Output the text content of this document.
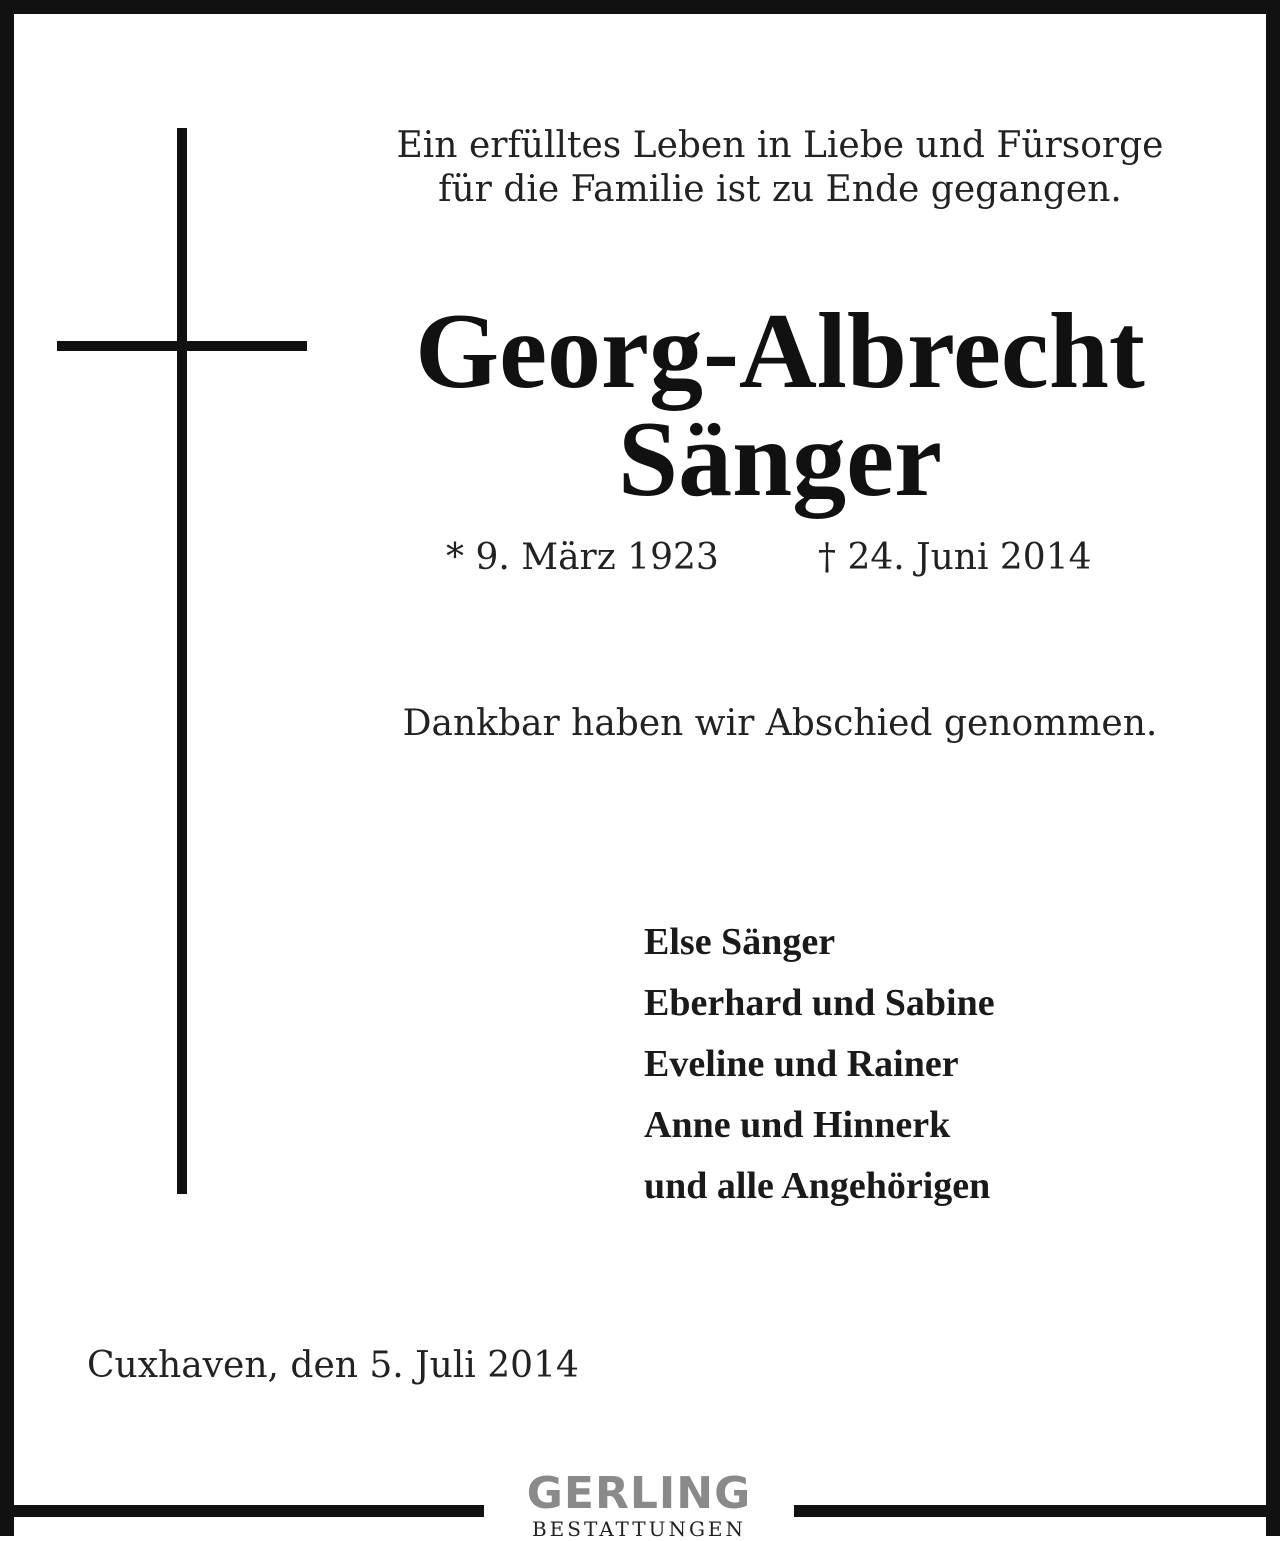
Ein erfülltes Leben in Liebe und Fürsorge
für die Familie ist zu Ende gegangen.
Georg-Albrecht
Sänger
* 9. März 1923	† 24. Juni 2014
Dankbar haben wir Abschied genommen.
Else Sänger
Eberhard und Sabine
Eveline und Rainer
Anne und Hinnerk
und alle Angehörigen
Cuxhaven, den 5. Juli 2014
GERLING
BESTATTUNGEN
